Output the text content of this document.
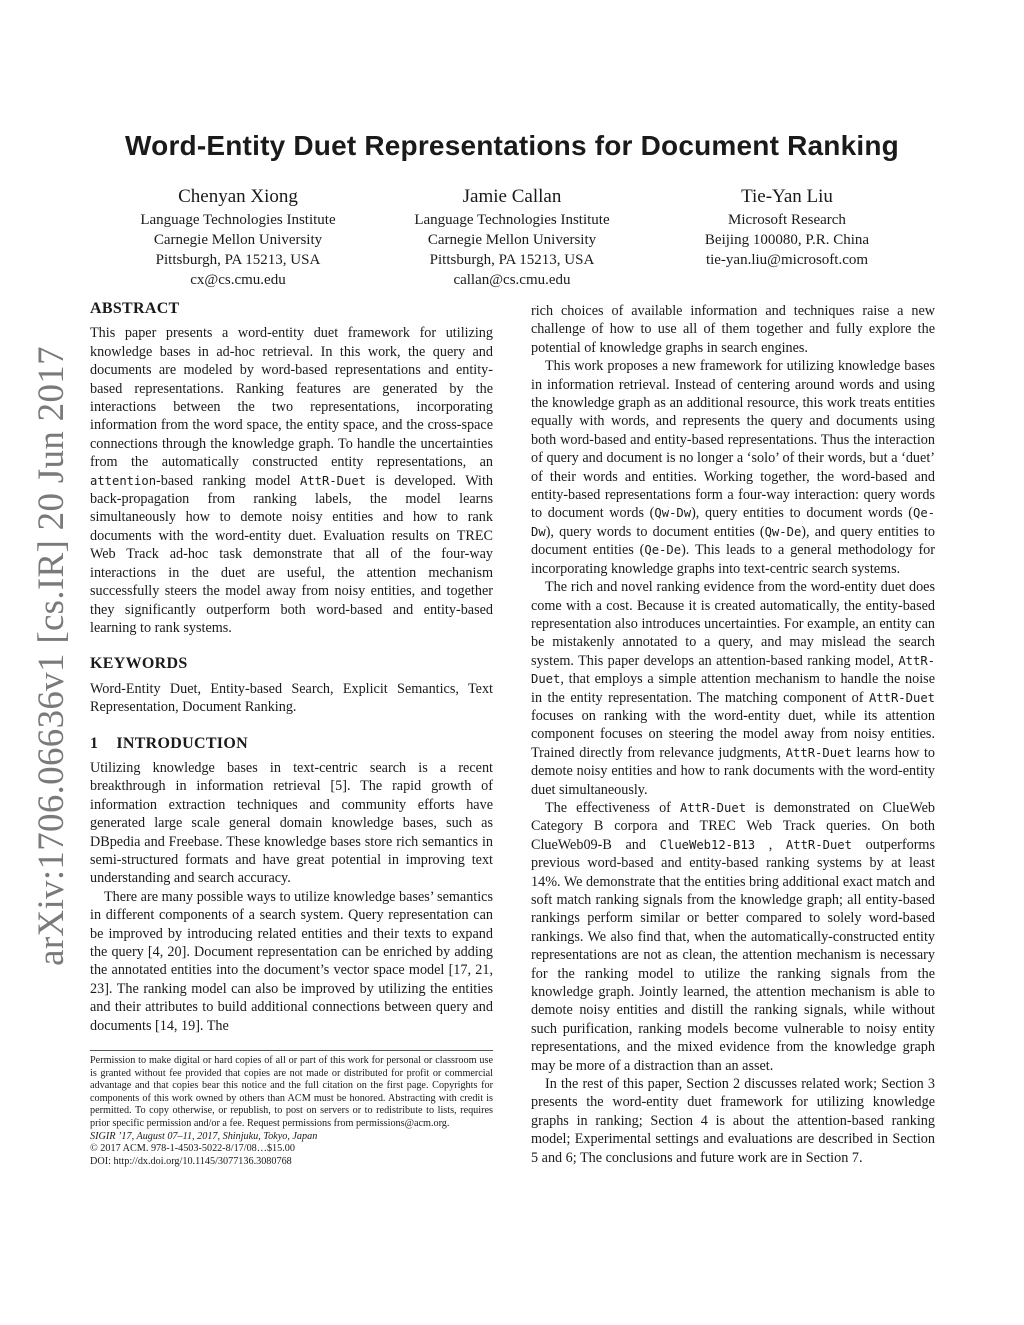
arXiv:1706.06636v1 [cs.IR] 20 Jun 2017
Word-Entity Duet Representations for Document Ranking
Chenyan Xiong
Language Technologies Institute
Carnegie Mellon University
Pittsburgh, PA 15213, USA
cx@cs.cmu.edu
Jamie Callan
Language Technologies Institute
Carnegie Mellon University
Pittsburgh, PA 15213, USA
callan@cs.cmu.edu
Tie-Yan Liu
Microsoft Research
Beijing 100080, P.R. China
tie-yan.liu@microsoft.com
ABSTRACT

This paper presents a word-entity duet framework for utilizing knowledge bases in ad-hoc retrieval. In this work, the query and documents are modeled by word-based representations and entity-based representations. Ranking features are generated by the interactions between the two representations, incorporating information from the word space, the entity space, and the cross-space connections through the knowledge graph. To handle the uncertainties from the automatically constructed entity representations, an attention-based ranking model AttR-Duet is developed. With back-propagation from ranking labels, the model learns simultaneously how to demote noisy entities and how to rank documents with the word-entity duet. Evaluation results on TREC Web Track ad-hoc task demonstrate that all of the four-way interactions in the duet are useful, the attention mechanism successfully steers the model away from noisy entities, and together they significantly outperform both word-based and entity-based learning to rank systems.

KEYWORDS

Word-Entity Duet, Entity-based Search, Explicit Semantics, Text Representation, Document Ranking.

1 INTRODUCTION

Utilizing knowledge bases in text-centric search is a recent breakthrough in information retrieval [5]. The rapid growth of information extraction techniques and community efforts have generated large scale general domain knowledge bases, such as DBpedia and Freebase. These knowledge bases store rich semantics in semi-structured formats and have great potential in improving text understanding and search accuracy.

There are many possible ways to utilize knowledge bases’ semantics in different components of a search system. Query representation can be improved by introducing related entities and their texts to expand the query [4, 20]. Document representation can be enriched by adding the annotated entities into the document’s vector space model [17, 21, 23]. The ranking model can also be improved by utilizing the entities and their attributes to build additional connections between query and documents [14, 19]. The

Permission to make digital or hard copies of all or part of this work for personal or classroom use is granted without fee provided that copies are not made or distributed for profit or commercial advantage and that copies bear this notice and the full citation on the first page. Copyrights for components of this work owned by others than ACM must be honored. Abstracting with credit is permitted. To copy otherwise, or republish, to post on servers or to redistribute to lists, requires prior specific permission and/or a fee. Request permissions from permissions@acm.org.
SIGIR ’17, August 07–11, 2017, Shinjuku, Tokyo, Japan
© 2017 ACM. 978-1-4503-5022-8/17/08…$15.00
DOI: http://dx.doi.org/10.1145/3077136.3080768

rich choices of available information and techniques raise a new challenge of how to use all of them together and fully explore the potential of knowledge graphs in search engines.

This work proposes a new framework for utilizing knowledge bases in information retrieval. Instead of centering around words and using the knowledge graph as an additional resource, this work treats entities equally with words, and represents the query and documents using both word-based and entity-based representations. Thus the interaction of query and document is no longer a ‘solo’ of their words, but a ‘duet’ of their words and entities. Working together, the word-based and entity-based representations form a four-way interaction: query words to document words (Qw-Dw), query entities to document words (Qe-Dw), query words to document entities (Qw-De), and query entities to document entities (Qe-De). This leads to a general methodology for incorporating knowledge graphs into text-centric search systems.

The rich and novel ranking evidence from the word-entity duet does come with a cost. Because it is created automatically, the entity-based representation also introduces uncertainties. For example, an entity can be mistakenly annotated to a query, and may mislead the search system. This paper develops an attention-based ranking model, AttR-Duet, that employs a simple attention mechanism to handle the noise in the entity representation. The matching component of AttR-Duet focuses on ranking with the word-entity duet, while its attention component focuses on steering the model away from noisy entities. Trained directly from relevance judgments, AttR-Duet learns how to demote noisy entities and how to rank documents with the word-entity duet simultaneously.

The effectiveness of AttR-Duet is demonstrated on ClueWeb Category B corpora and TREC Web Track queries. On both ClueWeb09-B and ClueWeb12-B13 , AttR-Duet outperforms previous word-based and entity-based ranking systems by at least 14%. We demonstrate that the entities bring additional exact match and soft match ranking signals from the knowledge graph; all entity-based rankings perform similar or better compared to solely word-based rankings. We also find that, when the automatically-constructed entity representations are not as clean, the attention mechanism is necessary for the ranking model to utilize the ranking signals from the knowledge graph. Jointly learned, the attention mechanism is able to demote noisy entities and distill the ranking signals, while without such purification, ranking models become vulnerable to noisy entity representations, and the mixed evidence from the knowledge graph may be more of a distraction than an asset.

In the rest of this paper, Section 2 discusses related work; Section 3 presents the word-entity duet framework for utilizing knowledge graphs in ranking; Section 4 is about the attention-based ranking model; Experimental settings and evaluations are described in Section 5 and 6; The conclusions and future work are in Section 7.
